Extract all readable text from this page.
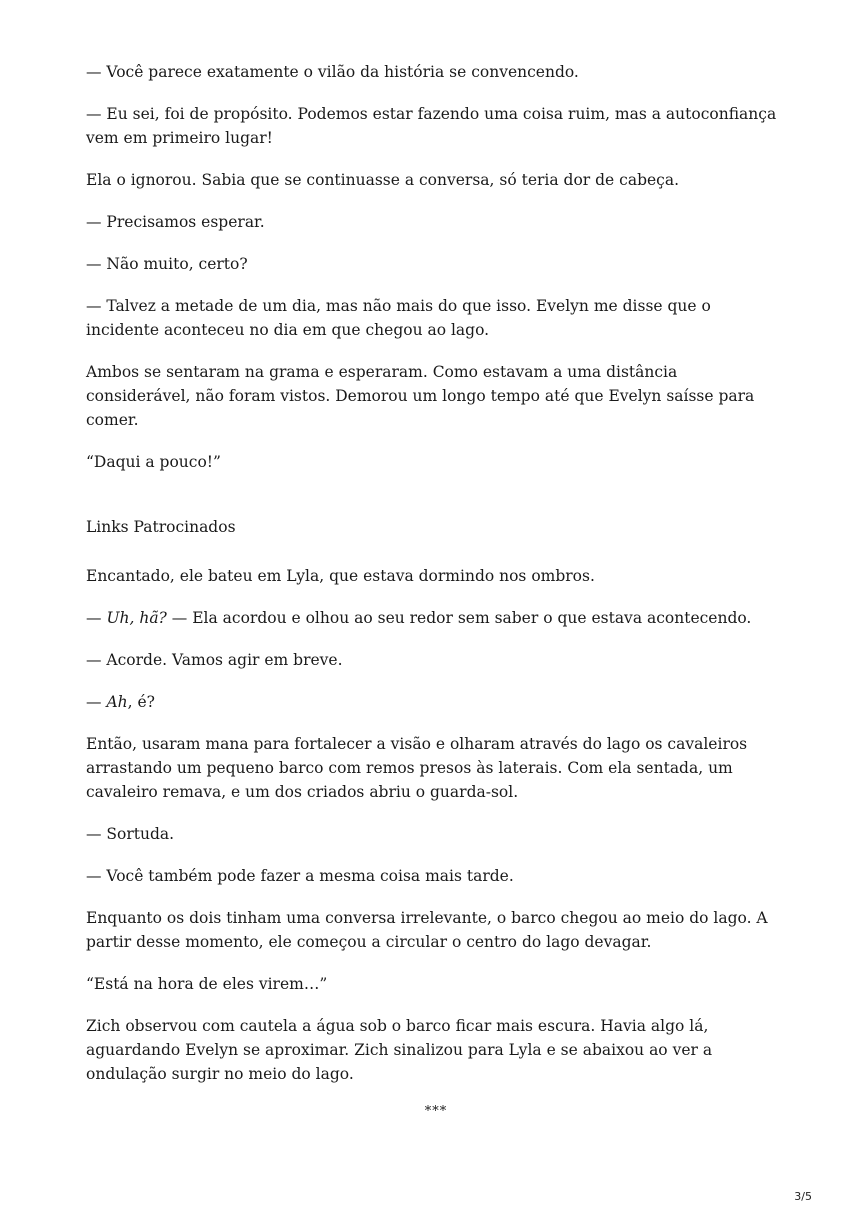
— Você parece exatamente o vilão da história se convencendo.

— Eu sei, foi de propósito. Podemos estar fazendo uma coisa ruim, mas a autoconfiança vem em primeiro lugar!

Ela o ignorou. Sabia que se continuasse a conversa, só teria dor de cabeça.

— Precisamos esperar.

— Não muito, certo?

— Talvez a metade de um dia, mas não mais do que isso. Evelyn me disse que o incidente aconteceu no dia em que chegou ao lago.

Ambos se sentaram na grama e esperaram. Como estavam a uma distância considerável, não foram vistos. Demorou um longo tempo até que Evelyn saísse para comer.

“Daqui a pouco!”

Links Patrocinados

Encantado, ele bateu em Lyla, que estava dormindo nos ombros.

— Uh, hã? — Ela acordou e olhou ao seu redor sem saber o que estava acontecendo.

— Acorde. Vamos agir em breve.

— Ah, é?

Então, usaram mana para fortalecer a visão e olharam através do lago os cavaleiros arrastando um pequeno barco com remos presos às laterais. Com ela sentada, um cavaleiro remava, e um dos criados abriu o guarda-sol.

— Sortuda.

— Você também pode fazer a mesma coisa mais tarde.

Enquanto os dois tinham uma conversa irrelevante, o barco chegou ao meio do lago. A partir desse momento, ele começou a circular o centro do lago devagar.

“Está na hora de eles virem…”

Zich observou com cautela a água sob o barco ficar mais escura. Havia algo lá, aguardando Evelyn se aproximar. Zich sinalizou para Lyla e se abaixou ao ver a ondulação surgir no meio do lago.

***
3/5
